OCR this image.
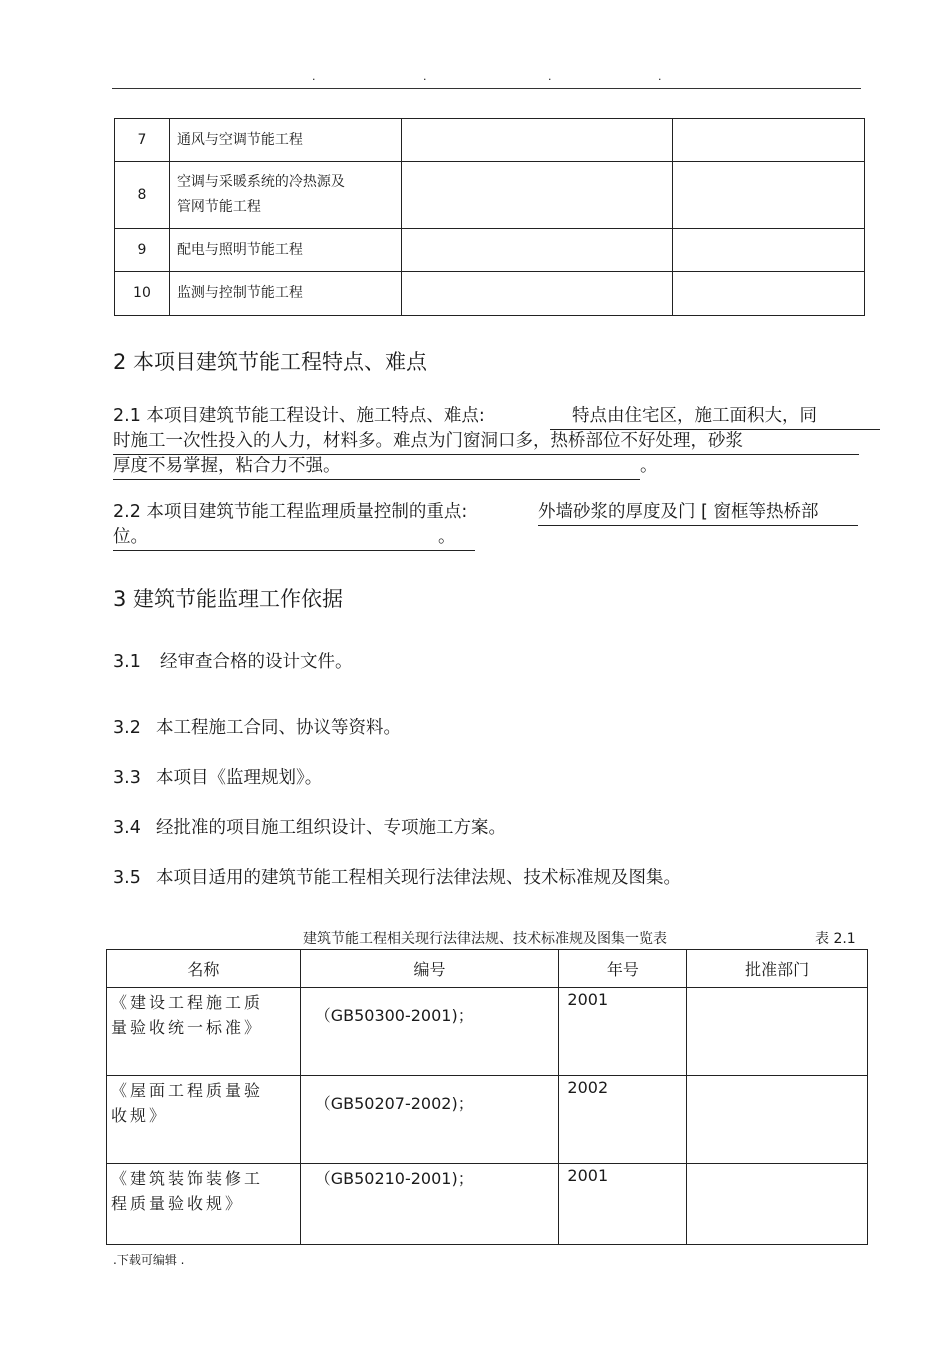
.	.	.	.
7	通风与空调节能工程		
8	空调与采暖系统的冷热源及
管网节能工程		
9	配电与照明节能工程		
10	监测与控制节能工程		
2 本项目建筑节能工程特点、难点
2.1 本项目建筑节能工程设计、施工特点、难点:	特点由住宅区，施工面积大，同
时施工一次性投入的人力，材料多。难点为门窗洞口多，热桥部位不好处理，砂浆
厚度不易掌握，粘合力不强。	。
2.2 本项目建筑节能工程监理质量控制的重点:	外墙砂浆的厚度及门 [ 窗框等热桥部
位。	。
3 建筑节能监理工作依据
3.1 经审查合格的设计文件。
3.2 本工程施工合同、协议等资料。
3.3 本项目《监理规划》。
3.4 经批准的项目施工组织设计、专项施工方案。
3.5 本项目适用的建筑节能工程相关现行法律法规、技术标准规及图集。
建筑节能工程相关现行法律法规、技术标准规及图集一览表	表 2.1
名称	编号	年号	批准部门
《建设工程施工质
量验收统一标准》	（GB50300-2001)；	2001	
《屋面工程质量验
收规》	（GB50207-2002)；	2002	
《建筑装饰装修工
程质量验收规》	（GB50210-2001)；	2001	
.下载可编辑 .
